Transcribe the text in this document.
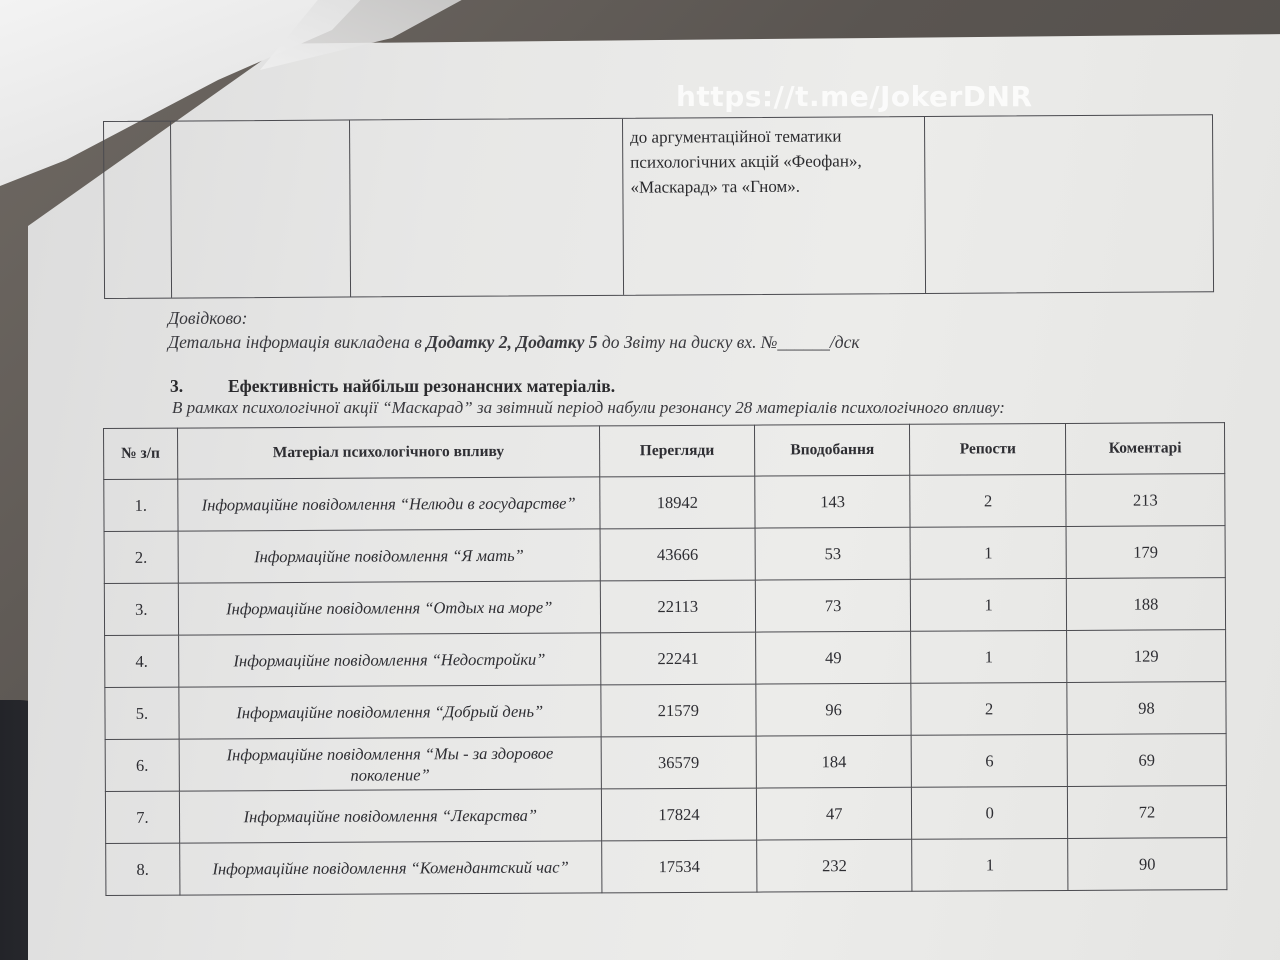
до аргументаційної тематики
психологічних акцій «Феофан»,
«Маскарад» та «Гном».
Довідково:
Детальна інформація викладена в Додатку 2, Додатку 5 до Звіту на диску вх. №______/дск
3.	Ефективність найбільш резонансних матеріалів.
В рамках психологічної акції “Маскарад” за звітний період набули резонансу 28 матеріалів психологічного впливу:
№ з/п	Матеріал психологічного впливу	Перегляди	Вподобання	Репости	Коментарі
1.	Інформаційне повідомлення “Нелюди в государстве”	18942	143	2	213
2.	Інформаційне повідомлення “Я мать”	43666	53	1	179
3.	Інформаційне повідомлення “Отдых на море”	22113	73	1	188
4.	Інформаційне повідомлення “Недостройки”	22241	49	1	129
5.	Інформаційне повідомлення “Добрый день”	21579	96	2	98
6.	Інформаційне повідомлення “Мы - за здоровое поколение”	36579	184	6	69
7.	Інформаційне повідомлення “Лекарства”	17824	47	0	72
8.	Інформаційне повідомлення “Комендантский час”	17534	232	1	90
https://t.me/JokerDNR
